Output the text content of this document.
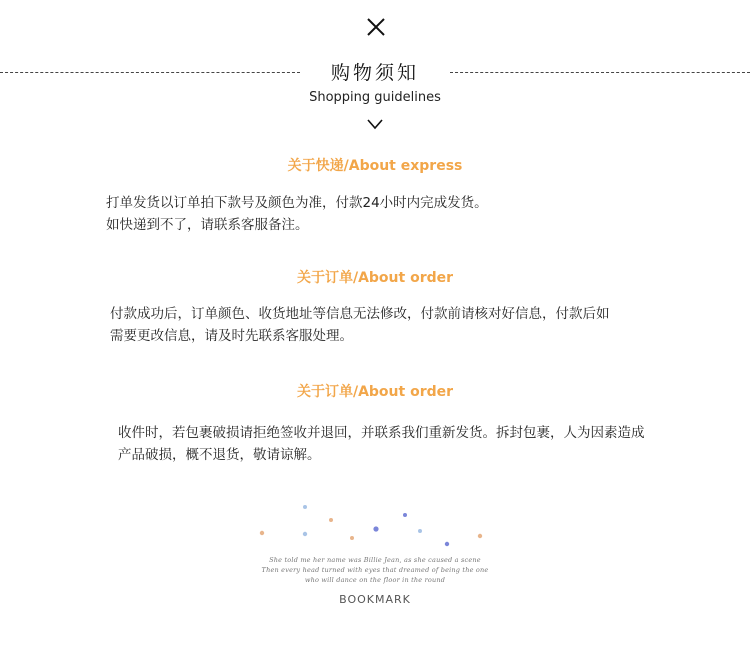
购物须知
Shopping guidelines
关于快递/About express
打单发货以订单拍下款号及颜色为准，付款24小时内完成发货。
如快递到不了，请联系客服备注。
关于订单/About order
付款成功后，订单颜色、收货地址等信息无法修改，付款前请核对好信息，付款后如
需要更改信息，请及时先联系客服处理。
关于订单/About order
收件时，若包裹破损请拒绝签收并退回，并联系我们重新发货。拆封包裹，人为因素造成
产品破损，概不退货，敬请谅解。
She told me her name was Billie Jean, as she caused a scene
Then every head turned with eyes that dreamed of being the one
who will dance on the floor in the round
BOOKMARK
